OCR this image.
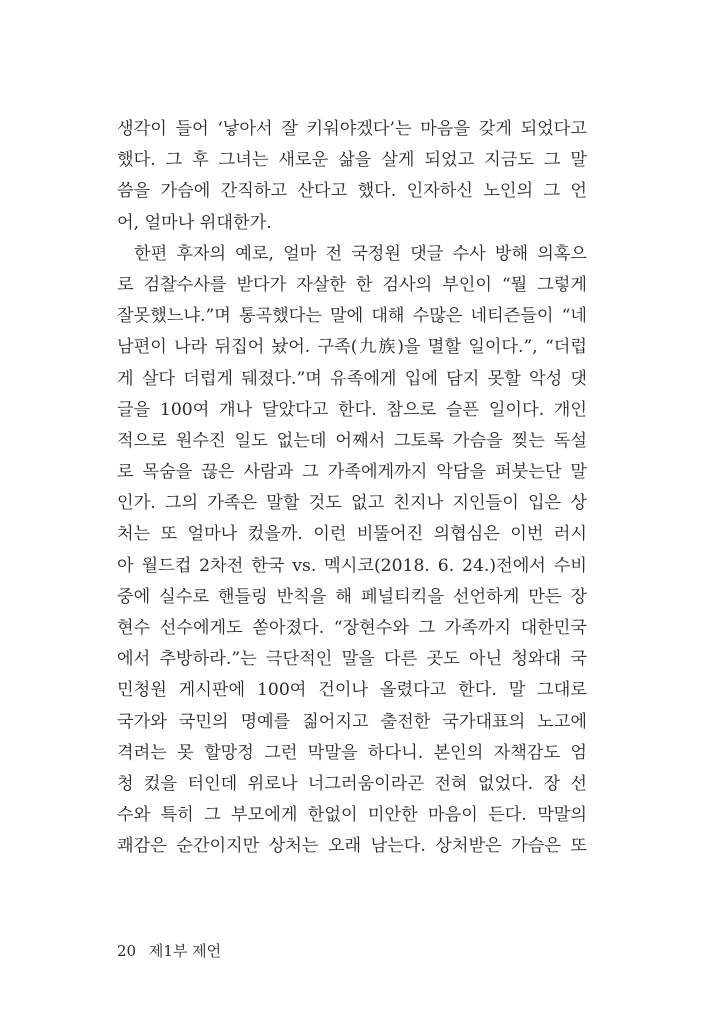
생각이 들어 ‘낳아서 잘 키워야겠다’는 마음을 갖게 되었다고
했다. 그 후 그녀는 새로운 삶을 살게 되었고 지금도 그 말
씀을 가슴에 간직하고 산다고 했다. 인자하신 노인의 그 언
어, 얼마나 위대한가.
한편 후자의 예로, 얼마 전 국정원 댓글 수사 방해 의혹으
로 검찰수사를 받다가 자살한 한 검사의 부인이 “뭘 그렇게
잘못했느냐.”며 통곡했다는 말에 대해 수많은 네티즌들이 “네
남편이 나라 뒤집어 놨어. 구족(九族)을 멸할 일이다.”, “더럽
게 살다 더럽게 뒈졌다.”며 유족에게 입에 담지 못할 악성 댓
글을 100여 개나 달았다고 한다. 참으로 슬픈 일이다. 개인
적으로 원수진 일도 없는데 어째서 그토록 가슴을 찢는 독설
로 목숨을 끊은 사람과 그 가족에게까지 악담을 퍼붓는단 말
인가. 그의 가족은 말할 것도 없고 친지나 지인들이 입은 상
처는 또 얼마나 컸을까. 이런 비뚤어진 의협심은 이번 러시
아 월드컵 2차전 한국 vs. 멕시코(2018. 6. 24.)전에서 수비
중에 실수로 핸들링 반칙을 해 페널티킥을 선언하게 만든 장
현수 선수에게도 쏟아졌다. “장현수와 그 가족까지 대한민국
에서 추방하라.”는 극단적인 말을 다른 곳도 아닌 청와대 국
민청원 게시판에 100여 건이나 올렸다고 한다. 말 그대로
국가와 국민의 명예를 짊어지고 출전한 국가대표의 노고에
격려는 못 할망정 그런 막말을 하다니. 본인의 자책감도 엄
청 컸을 터인데 위로나 너그러움이라곤 전혀 없었다. 장 선
수와 특히 그 부모에게 한없이 미안한 마음이 든다. 막말의
쾌감은 순간이지만 상처는 오래 남는다. 상처받은 가슴은 또
20 제1부 제언
